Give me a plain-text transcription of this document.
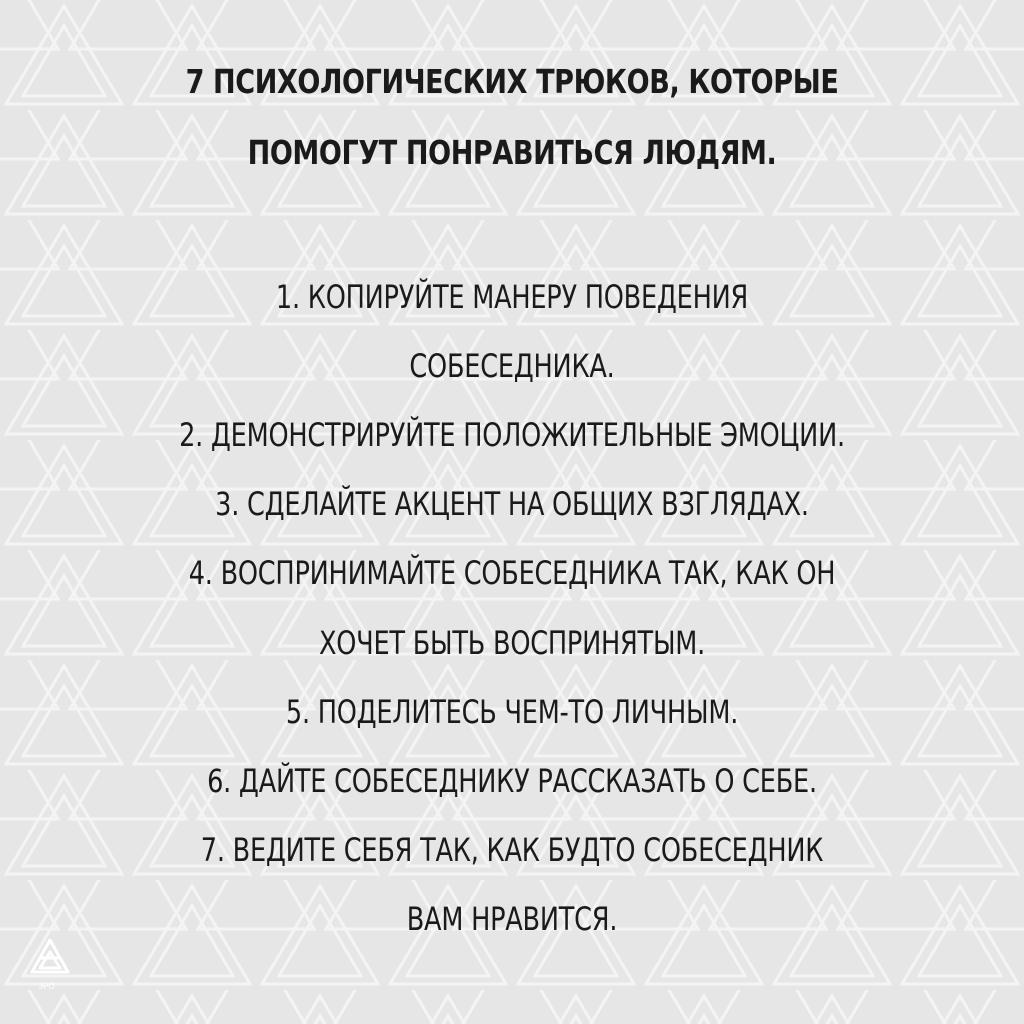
7 ПСИХОЛОГИЧЕСКИХ ТРЮКОВ, КОТОРЫЕ
ПОМОГУТ ПОНРАВИТЬСЯ ЛЮДЯМ.
1. КОПИРУЙТЕ МАНЕРУ ПОВЕДЕНИЯ
СОБЕСЕДНИКА.
2. ДЕМОНСТРИРУЙТЕ ПОЛОЖИТЕЛЬНЫЕ ЭМОЦИИ.
3. СДЕЛАЙТЕ АКЦЕНТ НА ОБЩИХ ВЗГЛЯДАХ.
4. ВОСПРИНИМАЙТЕ СОБЕСЕДНИКА ТАК, КАК ОН
ХОЧЕТ БЫТЬ ВОСПРИНЯТЫМ.
5. ПОДЕЛИТЕСЬ ЧЕМ-ТО ЛИЧНЫМ.
6. ДАЙТЕ СОБЕСЕДНИКУ РАССКАЗАТЬ О СЕБЕ.
7. ВЕДИТЕ СЕБЯ ТАК, КАК БУДТО СОБЕСЕДНИК
ВАМ НРАВИТСЯ.
ЭРО
